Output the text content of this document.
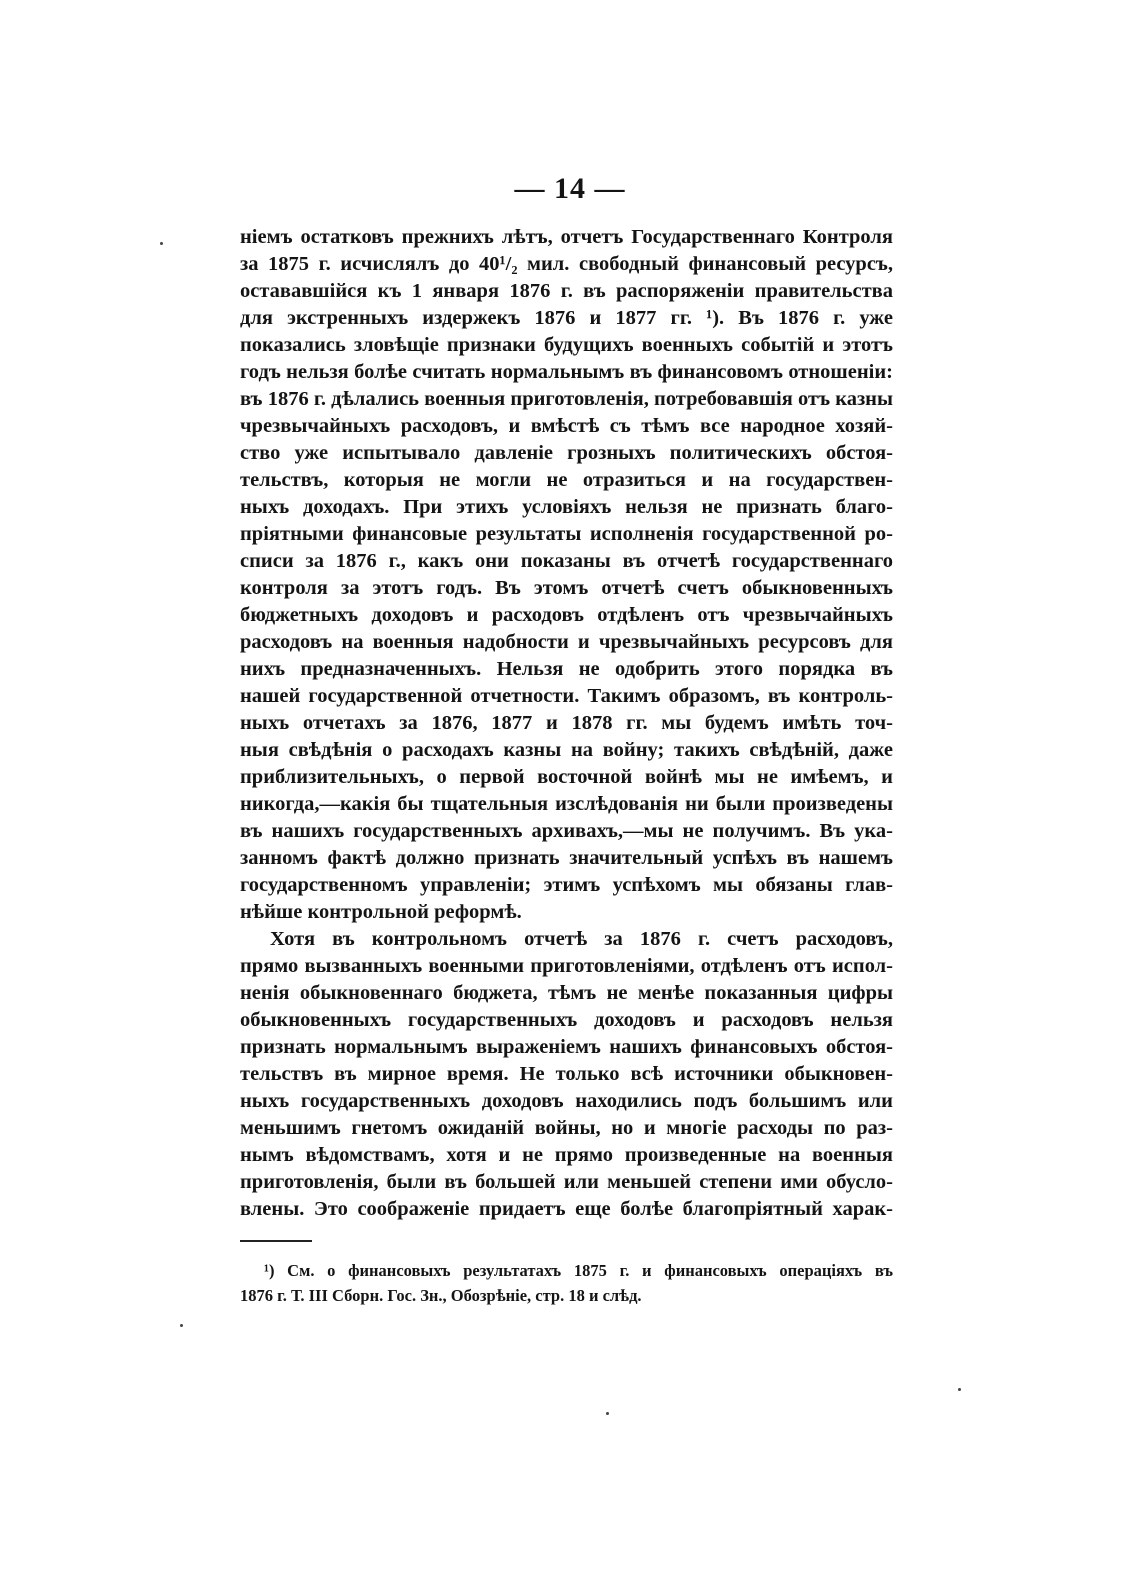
— 14 —
ніемъ остатковъ прежнихъ лѣтъ, отчетъ Государственнаго Контроля
за 1875 г. исчислялъ до 40¹/₂ мил. свободный финансовый ресурсъ,
остававшійся къ 1 января 1876 г. въ распоряженіи правительства
для экстренныхъ издержекъ 1876 и 1877 гг. ¹). Въ 1876 г. уже
показались зловѣщіе признаки будущихъ военныхъ событій и этотъ
годъ нельзя болѣе считать нормальнымъ въ финансовомъ отношеніи:
въ 1876 г. дѣлались военныя приготовленія, потребовавшія отъ казны
чрезвычайныхъ расходовъ, и вмѣстѣ съ тѣмъ все народное хозяй-
ство уже испытывало давленіе грозныхъ политическихъ обстоя-
тельствъ, которыя не могли не отразиться и на государствен-
ныхъ доходахъ. При этихъ условіяхъ нельзя не признать благо-
пріятными финансовые результаты исполненія государственной ро-
списи за 1876 г., какъ они показаны въ отчетѣ государственнаго
контроля за этотъ годъ. Въ этомъ отчетѣ счетъ обыкновенныхъ
бюджетныхъ доходовъ и расходовъ отдѣленъ отъ чрезвычайныхъ
расходовъ на военныя надобности и чрезвычайныхъ ресурсовъ для
нихъ предназначенныхъ. Нельзя не одобрить этого порядка въ
нашей государственной отчетности. Такимъ образомъ, въ контроль-
ныхъ отчетахъ за 1876, 1877 и 1878 гг. мы будемъ имѣть точ-
ныя свѣдѣнія о расходахъ казны на войну; такихъ свѣдѣній, даже
приблизительныхъ, о первой восточной войнѣ мы не имѣемъ, и
никогда,—какія бы тщательныя изслѣдованія ни были произведены
въ нашихъ государственныхъ архивахъ,—мы не получимъ. Въ ука-
занномъ фактѣ должно признать значительный успѣхъ въ нашемъ
государственномъ управленіи; этимъ успѣхомъ мы обязаны глав-
нѣйше контрольной реформѣ.
Хотя въ контрольномъ отчетѣ за 1876 г. счетъ расходовъ,
прямо вызванныхъ военными приготовленіями, отдѣленъ отъ испол-
ненія обыкновеннаго бюджета, тѣмъ не менѣе показанныя цифры
обыкновенныхъ государственныхъ доходовъ и расходовъ нельзя
признать нормальнымъ выраженіемъ нашихъ финансовыхъ обстоя-
тельствъ въ мирное время. Не только всѣ источники обыкновен-
ныхъ государственныхъ доходовъ находились подъ большимъ или
меньшимъ гнетомъ ожиданій войны, но и многіе расходы по раз-
нымъ вѣдомствамъ, хотя и не прямо произведенные на военныя
приготовленія, были въ большей или меньшей степени ими обусло-
влены. Это соображеніе придаетъ еще болѣе благопріятный харак-
¹) См. о финансовыхъ результатахъ 1875 г. и финансовыхъ операціяхъ въ
1876 г. Т. III Сборн. Гос. Зн., Обозрѣніе, стр. 18 и слѣд.
